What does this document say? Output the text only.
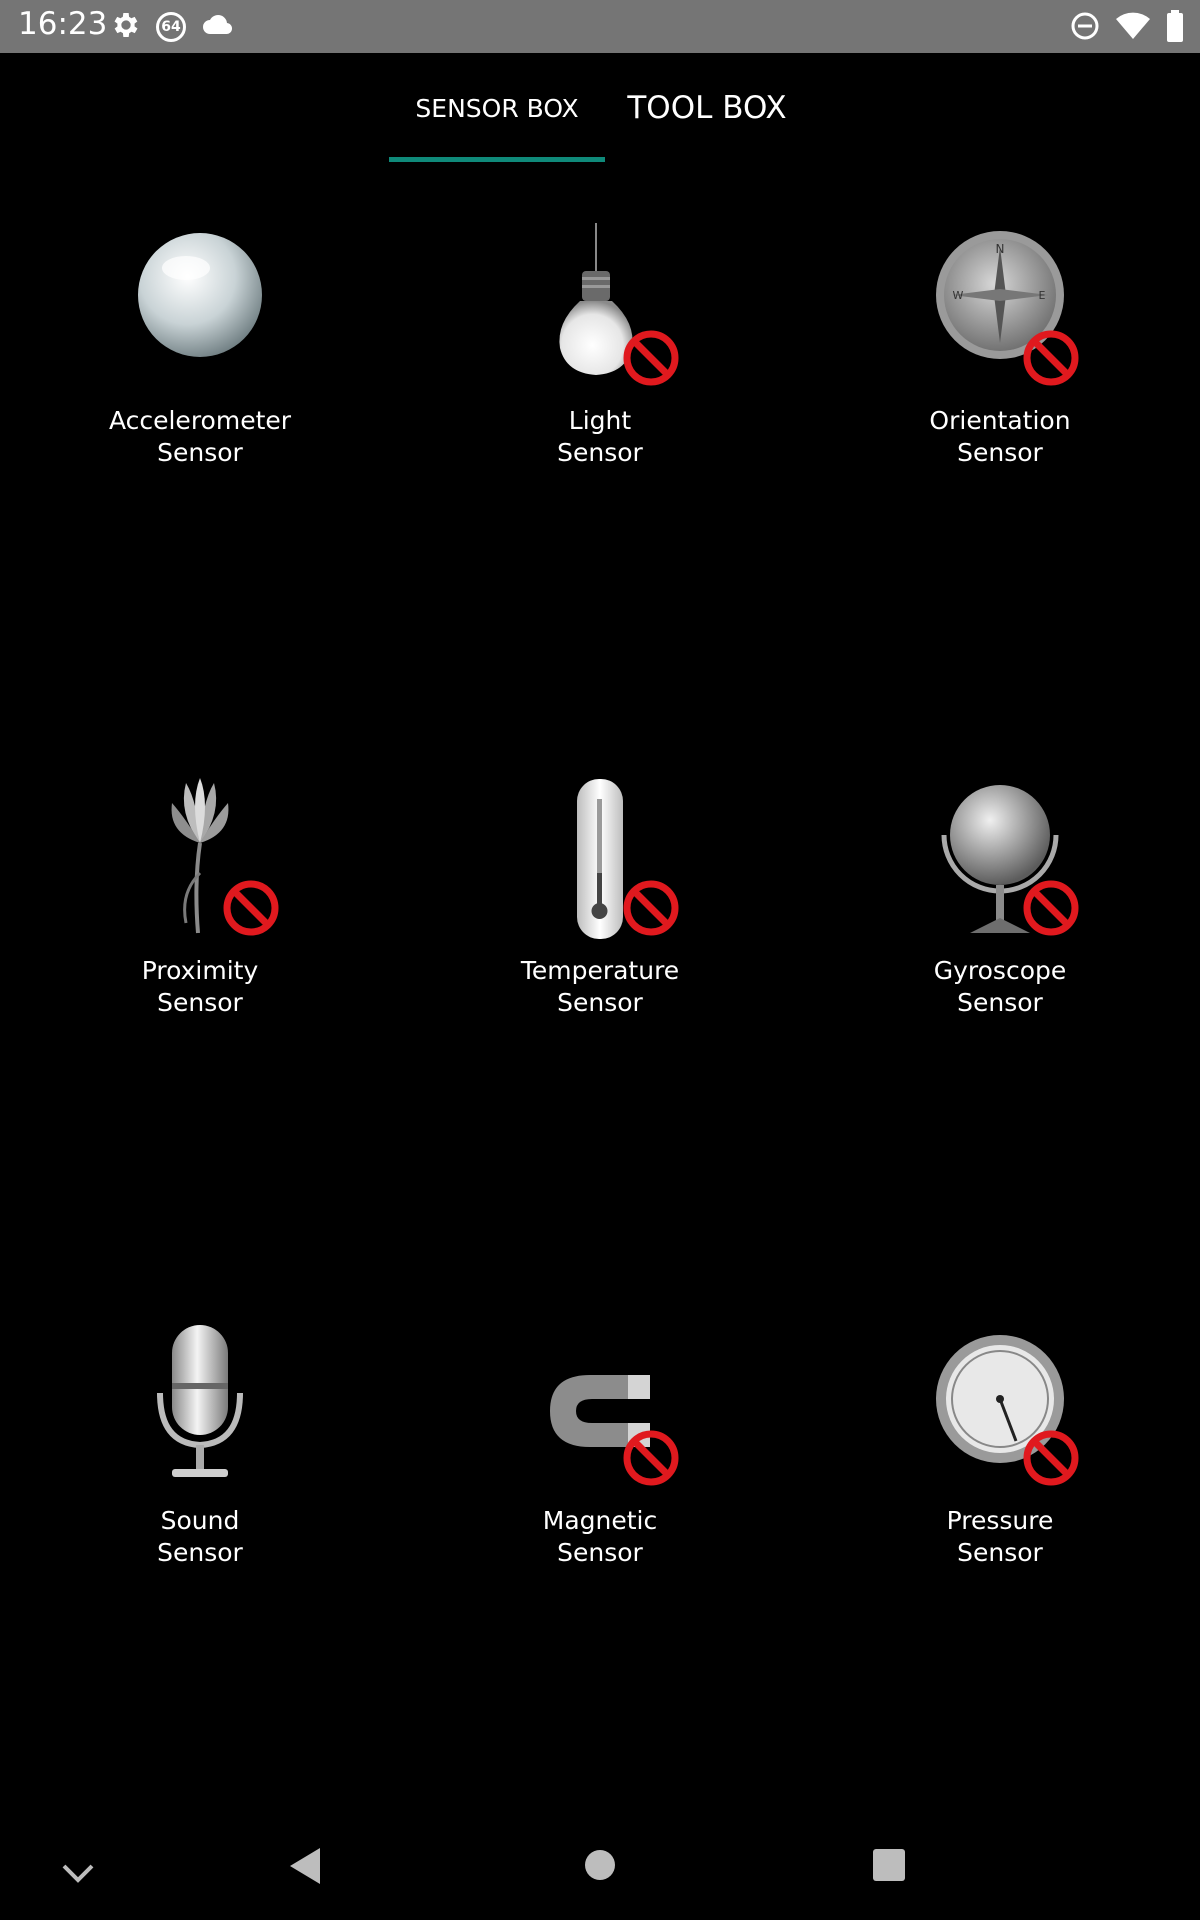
16:23	64
SENSOR BOX	TOOL BOX
Accelerometer
Sensor
Light
Sensor
N
W	E
Orientation
Sensor
Proximity
Sensor
Temperature
Sensor
Gyroscope
Sensor
Sound
Sensor
Magnetic
Sensor
Pressure
Sensor
